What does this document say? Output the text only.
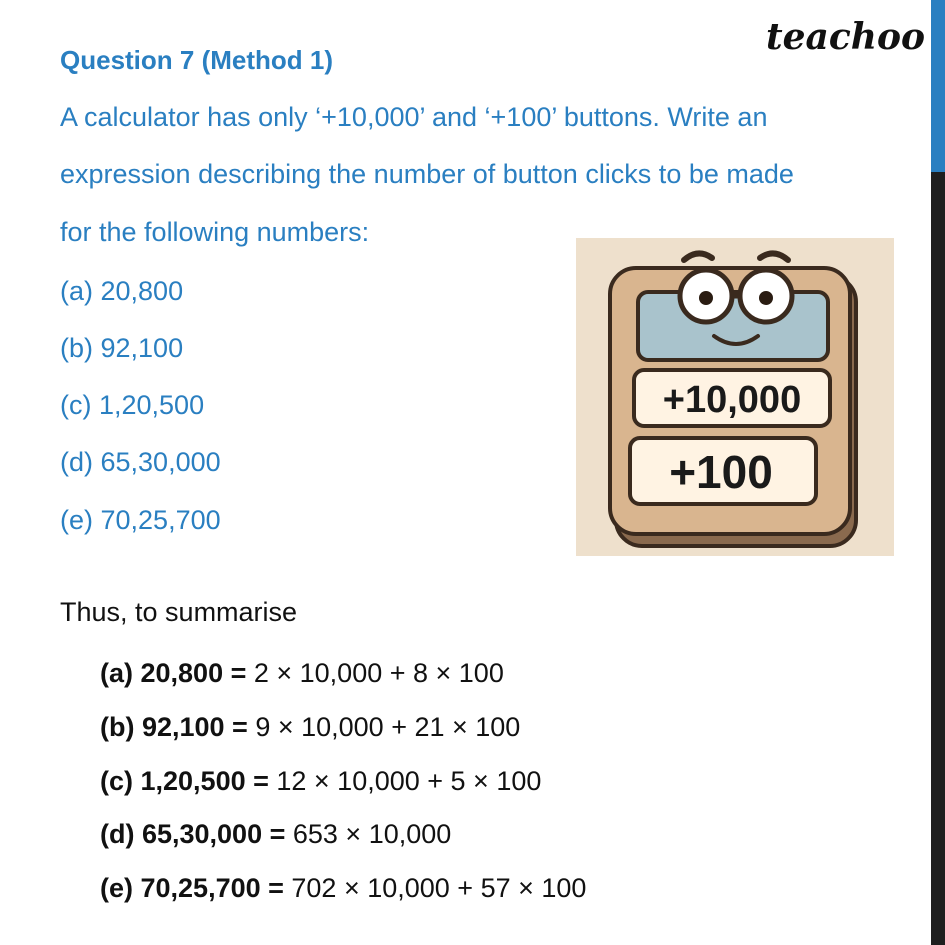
teachoo
Question 7 (Method 1)
A calculator has only ‘+10,000’ and ‘+100’ buttons. Write an
expression describing the number of button clicks to be made
for the following numbers:
(a) 20,800
(b) 92,100
(c) 1,20,500
(d) 65,30,000
(e) 70,25,700
+10,000
+100
Thus, to summarise
(a) 20,800 = 2 × 10,000 + 8 × 100
(b) 92,100 = 9 × 10,000 + 21 × 100
(c) 1,20,500 = 12 × 10,000 + 5 × 100
(d) 65,30,000 = 653 × 10,000
(e) 70,25,700 = 702 × 10,000 + 57 × 100
